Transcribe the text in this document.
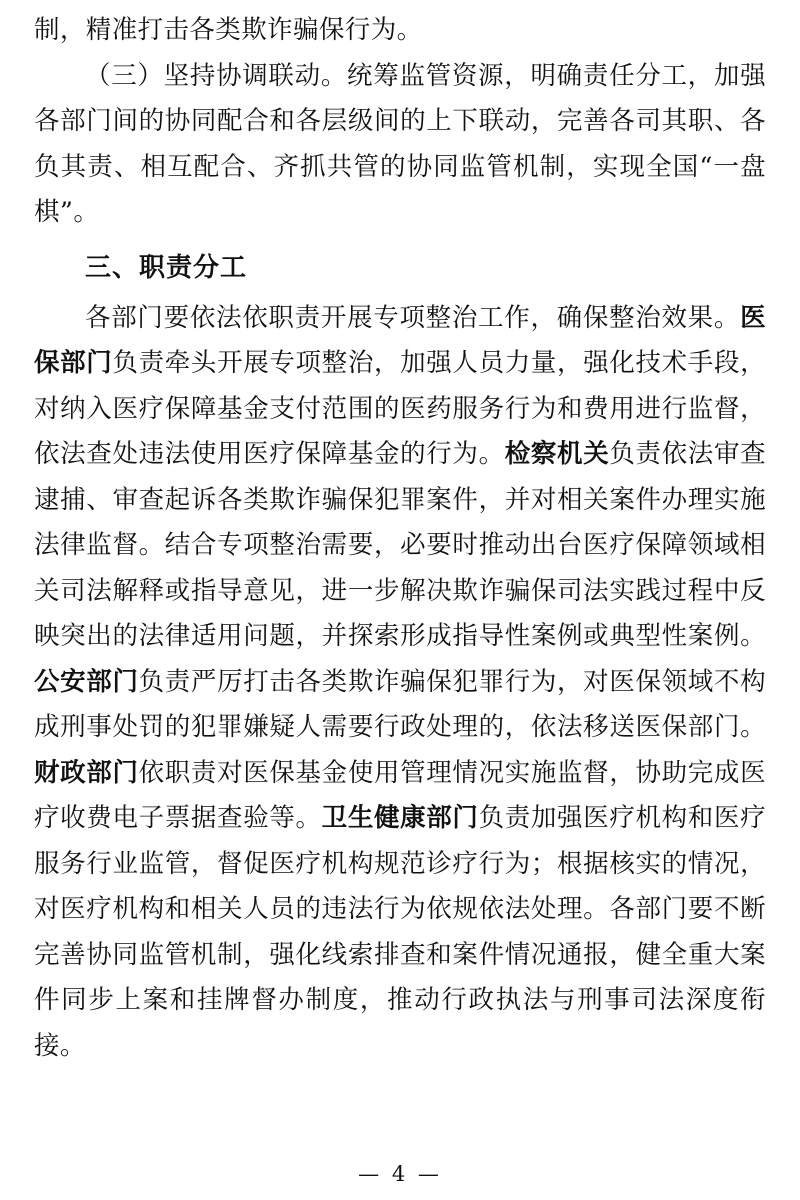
制，精准打击各类欺诈骗保行为。

（三）坚持协调联动。统筹监管资源，明确责任分工，加强各部门间的协同配合和各层级间的上下联动，完善各司其职、各负其责、相互配合、齐抓共管的协同监管机制，实现全国“一盘棋”。

三、职责分工

各部门要依法依职责开展专项整治工作，确保整治效果。医保部门负责牵头开展专项整治，加强人员力量，强化技术手段，对纳入医疗保障基金支付范围的医药服务行为和费用进行监督，依法查处违法使用医疗保障基金的行为。检察机关负责依法审查逮捕、审查起诉各类欺诈骗保犯罪案件，并对相关案件办理实施法律监督。结合专项整治需要，必要时推动出台医疗保障领域相关司法解释或指导意见，进一步解决欺诈骗保司法实践过程中反映突出的法律适用问题，并探索形成指导性案例或典型性案例。公安部门负责严厉打击各类欺诈骗保犯罪行为，对医保领域不构成刑事处罚的犯罪嫌疑人需要行政处理的，依法移送医保部门。财政部门依职责对医保基金使用管理情况实施监督，协助完成医疗收费电子票据查验等。卫生健康部门负责加强医疗机构和医疗服务行业监管，督促医疗机构规范诊疗行为；根据核实的情况，对医疗机构和相关人员的违法行为依规依法处理。各部门要不断完善协同监管机制，强化线索排查和案件情况通报，健全重大案件同步上案和挂牌督办制度，推动行政执法与刑事司法深度衔接。

— 4 —
